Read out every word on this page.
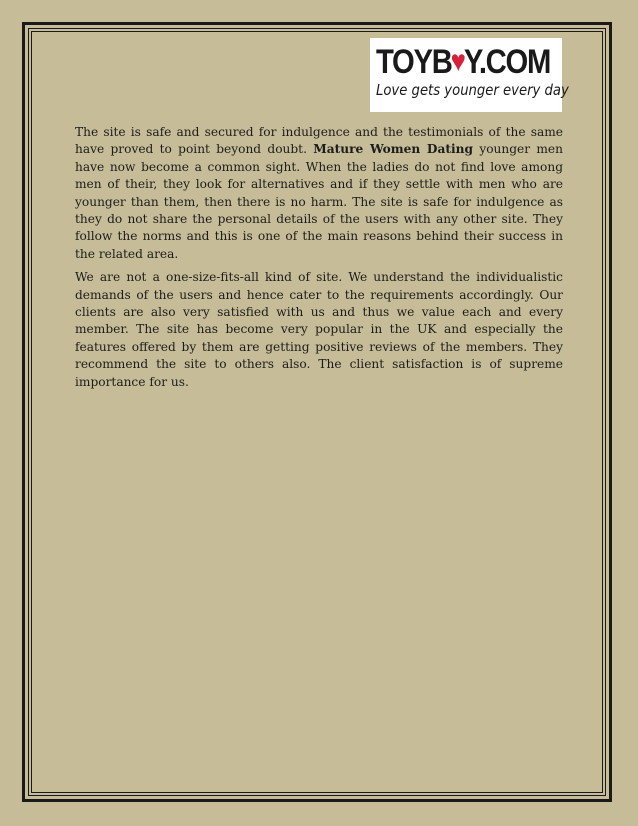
TOYB ♥ Y.COM
Love gets younger every day

The site is safe and secured for indulgence and the testimonials of the same have proved to point beyond doubt. Mature Women Dating younger men have now become a common sight. When the ladies do not find love among men of their, they look for alternatives and if they settle with men who are younger than them, then there is no harm. The site is safe for indulgence as they do not share the personal details of the users with any other site. They follow the norms and this is one of the main reasons behind their success in the related area.

We are not a one-size-fits-all kind of site. We understand the individualistic demands of the users and hence cater to the requirements accordingly. Our clients are also very satisfied with us and thus we value each and every member. The site has become very popular in the UK and especially the features offered by them are getting positive reviews of the members. They recommend the site to others also. The client satisfaction is of supreme importance for us.
